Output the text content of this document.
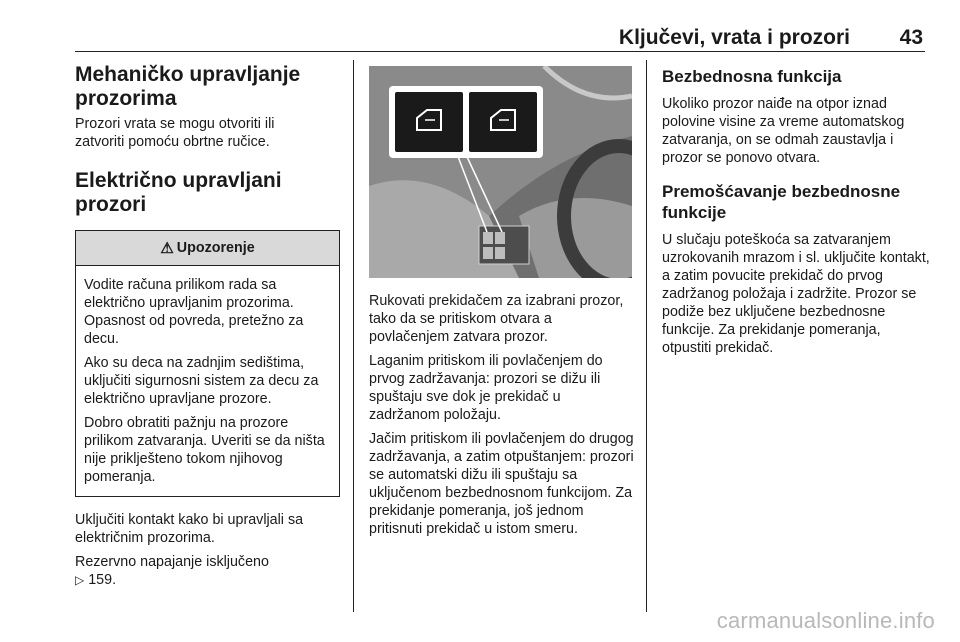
Ključevi, vrata i prozori 43
Mehaničko upravljanje prozorima

Prozori vrata se mogu otvoriti ili zatvoriti pomoću obrtne ručice.

Električno upravljani prozori
⚠ Upozorenje

Vodite računa prilikom rada sa električno upravljanim prozorima. Opasnost od povreda, pretežno za decu.

Ako su deca na zadnjim sedištima, uključiti sigurnosni sistem za decu za električno upravljane prozore.

Dobro obratiti pažnju na prozore prilikom zatvaranja. Uveriti se da ništa nije priklješteno tokom njihovog pomeranja.

Uključiti kontakt kako bi upravljali sa električnim prozorima.

Rezervno napajanje isključeno

▷ 159.

Rukovati prekidačem za izabrani prozor, tako da se pritiskom otvara a povlačenjem zatvara prozor.

Laganim pritiskom ili povlačenjem do prvog zadržavanja: prozori se dižu ili spuštaju sve dok je prekidač u zadržanom položaju.

Jačim pritiskom ili povlačenjem do drugog zadržavanja, a zatim otpuštanjem: prozori se automatski dižu ili spuštaju sa uključenom bezbednosnom funkcijom. Za prekidanje pomeranja, još jednom pritisnuti prekidač u istom smeru.

Bezbednosna funkcija

Ukoliko prozor naiđe na otpor iznad polovine visine za vreme automatskog zatvaranja, on se odmah zaustavlja i prozor se ponovo otvara.

Premošćavanje bezbednosne funkcije

U slučaju poteškoća sa zatvaranjem uzrokovanih mrazom i sl. uključite kontakt, a zatim povucite prekidač do prvog zadržanog položaja i zadržite. Prozor se podiže bez uključene bezbednosne funkcije. Za prekidanje pomeranja, otpustiti prekidač.

carmanualsonline.info
